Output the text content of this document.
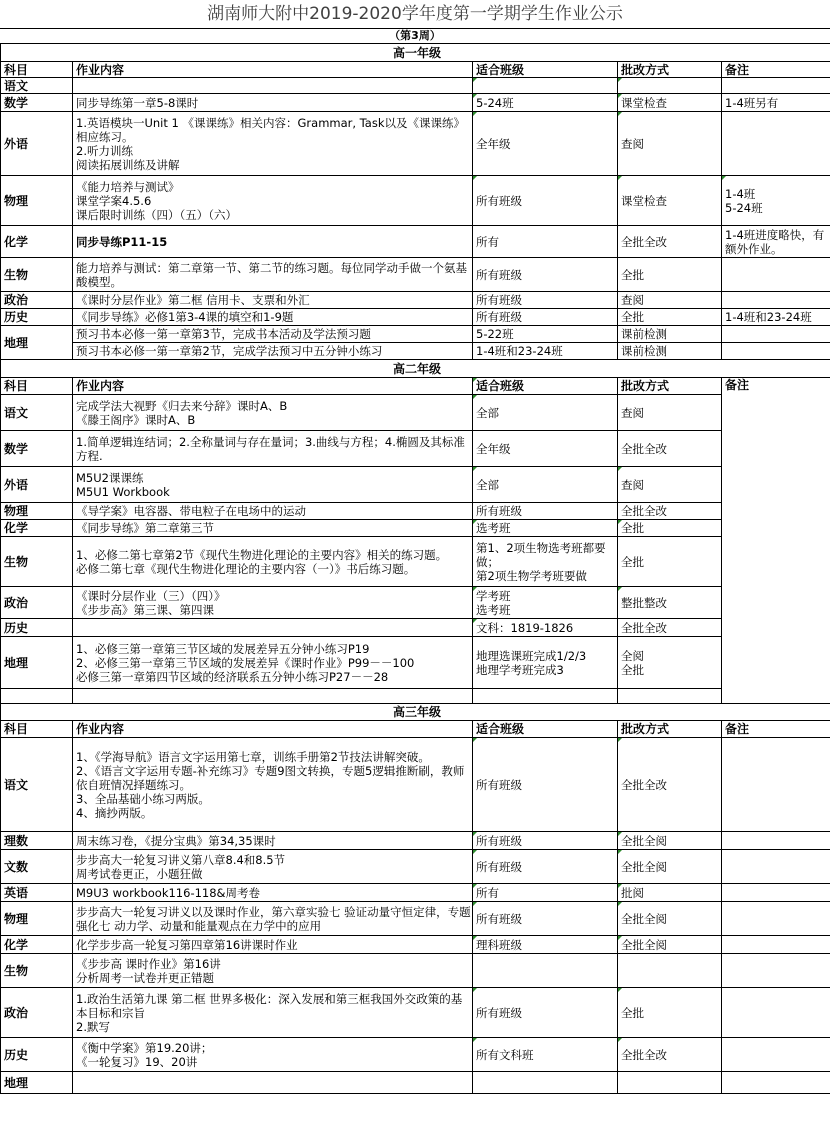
湖南师大附中2019-2020学年度第一学期学生作业公示
（第3周）
高一年级				
科目	作业内容	适合班级	批改方式	备注
语文				
数学	同步导练第一章5-8课时	5-24班	课堂检查	1-4班另有
外语	1.英语模块一Unit 1 《课课练》相关内容：Grammar, Task以及《课课练》相应练习。
2.听力训练
阅读拓展训练及讲解	全年级	查阅	
物理	《能力培养与测试》
课堂学案4.5.6
课后限时训练（四）（五）（六）	所有班级	课堂检查	1-4班
5-24班
化学	同步导练P11-15	所有	全批全改	1-4班进度略快，有额外作业。
生物	能力培养与测试：第二章第一节、第二节的练习题。每位同学动手做一个氨基酸模型。	所有班级	全批	
政治	《课时分层作业》第二框 信用卡、支票和外汇	所有班级	查阅	
历史	《同步导练》必修1第3-4课的填空和1-9题	所有班级	全批	1-4班和23-24班
地理	预习书本必修一第一章第3节，完成书本活动及学法预习题	5-22班	课前检测	
	预习书本必修一第一章第2节，完成学法预习中五分钟小练习	1-4班和23-24班	课前检测	
高二年级				
科目	作业内容	适合班级	批改方式	备注
语文	完成学法大视野《归去来兮辞》课时A、B
《滕王阁序》课时A、B	全部	查阅	
数学	1.简单逻辑连结词；2.全称量词与存在量词；3.曲线与方程；4.椭圆及其标准方程.	全年级	全批全改	
外语	M5U2课课练
M5U1 Workbook	全部	查阅	
物理	《导学案》电容器、带电粒子在电场中的运动	所有班级	全批全改	
化学	《同步导练》第二章第三节	选考班	全批	
生物	1、必修二第七章第2节《现代生物进化理论的主要内容》相关的练习题。
必修二第七章《现代生物进化理论的主要内容（一）》书后练习题。	第1、2项生物选考班都要做；
第2项生物学考班要做	全批	
政治	《课时分层作业（三）（四）》
《步步高》第三课、第四课	学考班
选考班	整批整改	
历史		文科：1819-1826	全批全改	
地理	1、必修三第一章第三节区域的发展差异五分钟小练习P19
2、必修三第一章第三节区域的发展差异《课时作业》P99－－100
必修三第一章第四节区域的经济联系五分钟小练习P27－－28	地理选课班完成1/2/3
地理学考班完成3	全阅
全批	

高三年级				
科目	作业内容	适合班级	批改方式	备注
语文	1、《学海导航》语言文字运用第七章，训练手册第2节技法讲解突破。
2、《语言文字运用专题-补充练习》专题9图文转换，专题5逻辑推断刷，教师依自班情况择题练习。
3、全品基础小练习两版。
4、摘抄两版。	所有班级	全批全改	
理数	周末练习卷，《提分宝典》第34,35课时	所有班级	全批全阅	
文数	步步高大一轮复习讲义第八章8.4和8.5节
周考试卷更正，小题狂做	所有班级	全批全阅	
英语	M9U3 workbook116-118&周考卷	所有	批阅	
物理	步步高大一轮复习讲义以及课时作业，第六章实验七 验证动量守恒定律，专题强化七 动力学、动量和能量观点在力学中的应用	所有班级	全批全阅	
化学	化学步步高一轮复习第四章第16讲课时作业	理科班级	全批全阅	
生物	《步步高 课时作业》第16讲
分析周考一试卷并更正错题			
政治	1.政治生活第九课 第二框 世界多极化：深入发展和第三框我国外交政策的基本目标和宗旨
2.默写	所有班级	全批	
历史	《衡中学案》第19.20讲；
《一轮复习》19、20讲	所有文科班	全批全改	
地理				
